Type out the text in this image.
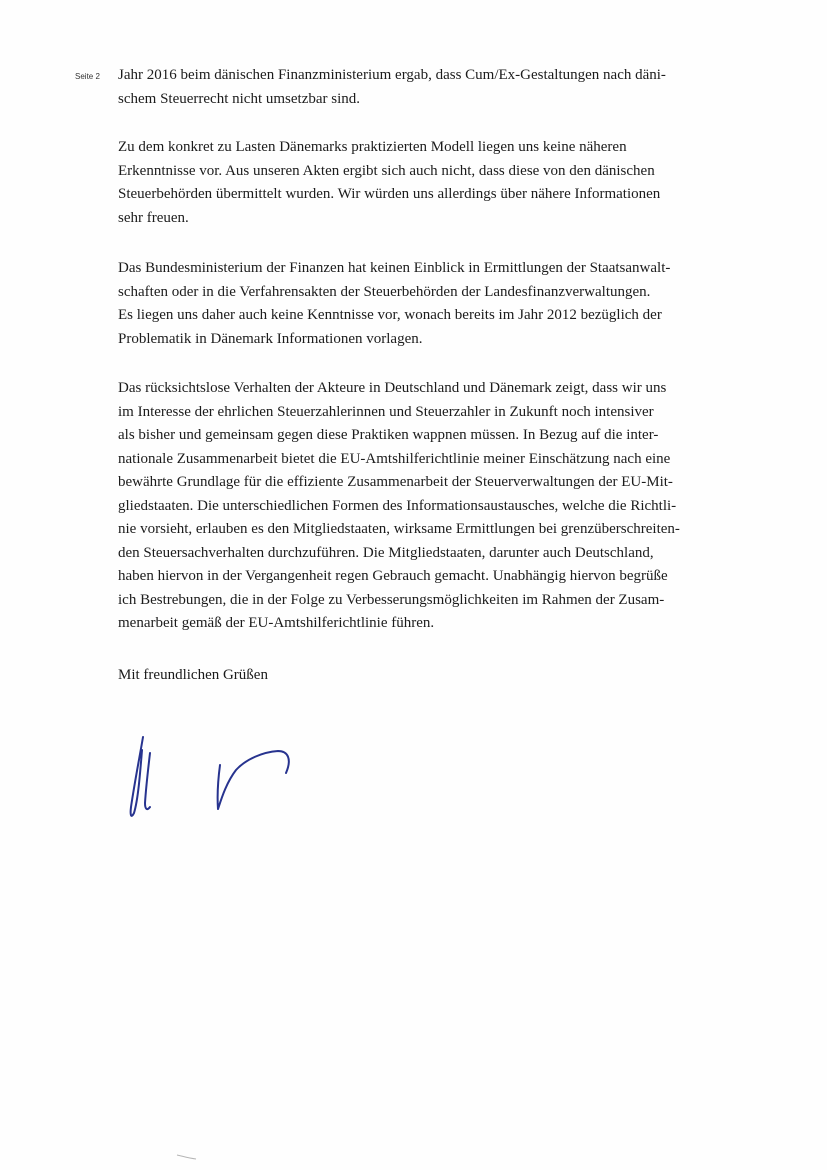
Seite 2 Jahr 2016 beim dänischen Finanzministerium ergab, dass Cum/Ex-Gestaltungen nach däni-
schem Steuerrecht nicht umsetzbar sind.
Zu dem konkret zu Lasten Dänemarks praktizierten Modell liegen uns keine näheren
Erkenntnisse vor. Aus unseren Akten ergibt sich auch nicht, dass diese von den dänischen
Steuerbehörden übermittelt wurden. Wir würden uns allerdings über nähere Informationen
sehr freuen.
Das Bundesministerium der Finanzen hat keinen Einblick in Ermittlungen der Staatsanwalt-
schaften oder in die Verfahrensakten der Steuerbehörden der Landesfinanzverwaltungen.
Es liegen uns daher auch keine Kenntnisse vor, wonach bereits im Jahr 2012 bezüglich der
Problematik in Dänemark Informationen vorlagen.
Das rücksichtslose Verhalten der Akteure in Deutschland und Dänemark zeigt, dass wir uns
im Interesse der ehrlichen Steuerzahlerinnen und Steuerzahler in Zukunft noch intensiver
als bisher und gemeinsam gegen diese Praktiken wappnen müssen. In Bezug auf die inter-
nationale Zusammenarbeit bietet die EU-Amtshilferichtlinie meiner Einschätzung nach eine
bewährte Grundlage für die effiziente Zusammenarbeit der Steuerverwaltungen der EU-Mit-
gliedstaaten. Die unterschiedlichen Formen des Informationsaustausches, welche die Richtli-
nie vorsieht, erlauben es den Mitgliedstaaten, wirksame Ermittlungen bei grenzüberschreiten-
den Steuersachverhalten durchzuführen. Die Mitgliedstaaten, darunter auch Deutschland,
haben hiervon in der Vergangenheit regen Gebrauch gemacht. Unabhängig hiervon begrüße
ich Bestrebungen, die in der Folge zu Verbesserungsmöglichkeiten im Rahmen der Zusam-
menarbeit gemäß der EU-Amtshilferichtlinie führen.
Mit freundlichen Grüßen
